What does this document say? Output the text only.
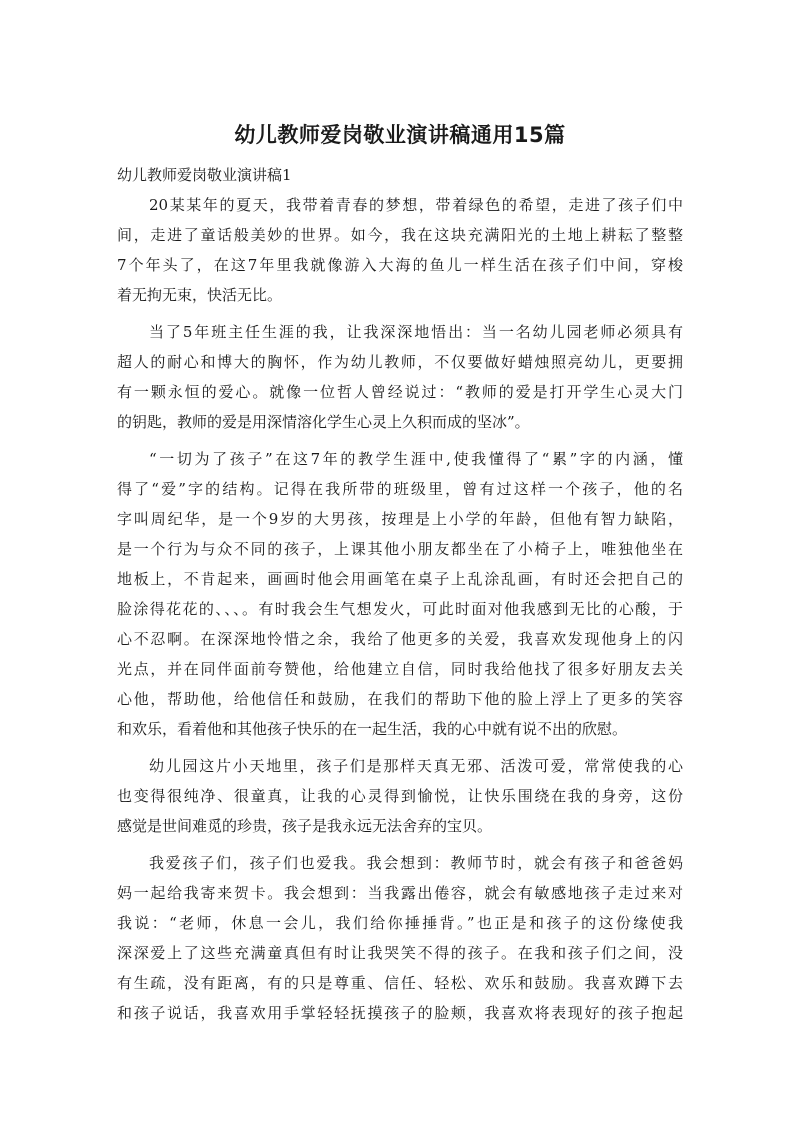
幼儿教师爱岗敬业演讲稿通用15篇

幼儿教师爱岗敬业演讲稿1

20某某年的夏天，我带着青春的梦想，带着绿色的希望，走进了孩子们中
间，走进了童话般美妙的世界。如今，我在这块充满阳光的土地上耕耘了整整
7个年头了，在这7年里我就像游入大海的鱼儿一样生活在孩子们中间，穿梭
着无拘无束，快活无比。
当了5年班主任生涯的我，让我深深地悟出：当一名幼儿园老师必须具有
超人的耐心和博大的胸怀，作为幼儿教师，不仅要做好蜡烛照亮幼儿，更要拥
有一颗永恒的爱心。就像一位哲人曾经说过：“教师的爱是打开学生心灵大门
的钥匙，教师的爱是用深情溶化学生心灵上久积而成的坚冰”。
“一切为了孩子”在这7年的教学生涯中,使我懂得了“累”字的内涵，懂
得了“爱”字的结构。记得在我所带的班级里，曾有过这样一个孩子，他的名
字叫周纪华，是一个9岁的大男孩，按理是上小学的年龄，但他有智力缺陷，
是一个行为与众不同的孩子，上课其他小朋友都坐在了小椅子上，唯独他坐在
地板上，不肯起来，画画时他会用画笔在桌子上乱涂乱画，有时还会把自己的
脸涂得花花的、、、。有时我会生气想发火，可此时面对他我感到无比的心酸，于
心不忍啊。在深深地怜惜之余，我给了他更多的关爱，我喜欢发现他身上的闪
光点，并在同伴面前夸赞他，给他建立自信，同时我给他找了很多好朋友去关
心他，帮助他，给他信任和鼓励，在我们的帮助下他的脸上浮上了更多的笑容
和欢乐，看着他和其他孩子快乐的在一起生活，我的心中就有说不出的欣慰。
幼儿园这片小天地里，孩子们是那样天真无邪、活泼可爱，常常使我的心
也变得很纯净、很童真，让我的心灵得到愉悦，让快乐围绕在我的身旁，这份
感觉是世间难觅的珍贵，孩子是我永远无法舍弃的宝贝。
我爱孩子们，孩子们也爱我。我会想到：教师节时，就会有孩子和爸爸妈
妈一起给我寄来贺卡。我会想到：当我露出倦容，就会有敏感地孩子走过来对
我说：“老师，休息一会儿，我们给你捶捶背。”也正是和孩子的这份缘使我
深深爱上了这些充满童真但有时让我哭笑不得的孩子。在我和孩子们之间，没
有生疏，没有距离，有的只是尊重、信任、轻松、欢乐和鼓励。我喜欢蹲下去
和孩子说话，我喜欢用手掌轻轻抚摸孩子的脸颊，我喜欢将表现好的孩子抱起
